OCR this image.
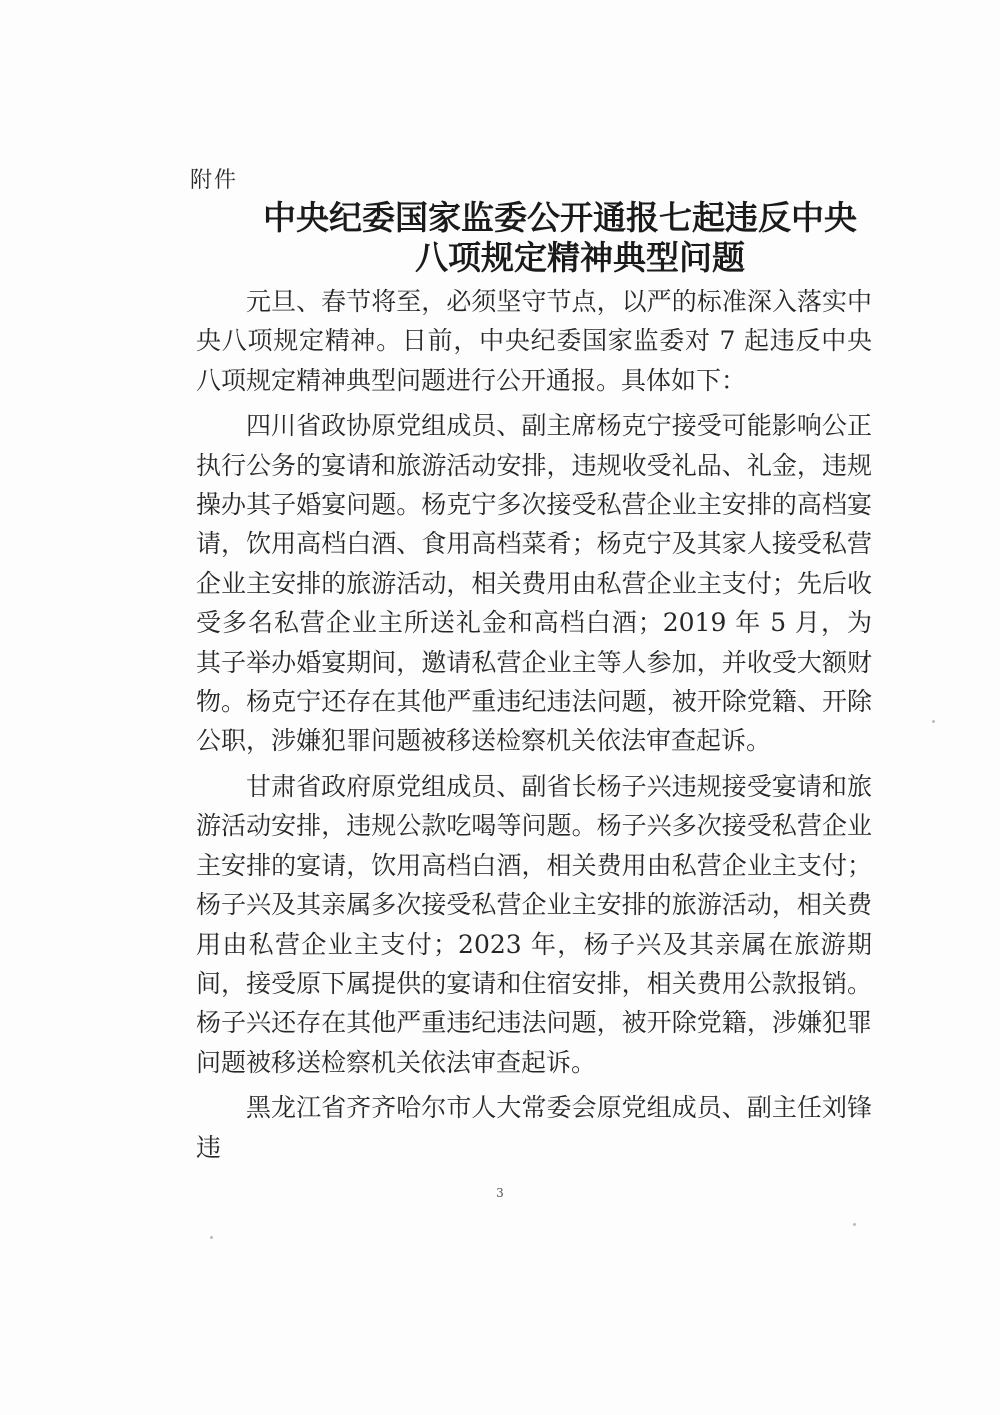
附件
中央纪委国家监委公开通报七起违反中央
八项规定精神典型问题

元旦、春节将至，必须坚守节点，以严的标准深入落实中央八项规定精神。日前，中央纪委国家监委对 7 起违反中央八项规定精神典型问题进行公开通报。具体如下：

四川省政协原党组成员、副主席杨克宁接受可能影响公正执行公务的宴请和旅游活动安排，违规收受礼品、礼金，违规操办其子婚宴问题。杨克宁多次接受私营企业主安排的高档宴请，饮用高档白酒、食用高档菜肴；杨克宁及其家人接受私营企业主安排的旅游活动，相关费用由私营企业主支付；先后收受多名私营企业主所送礼金和高档白酒；2019 年 5 月，为其子举办婚宴期间，邀请私营企业主等人参加，并收受大额财物。杨克宁还存在其他严重违纪违法问题，被开除党籍、开除公职，涉嫌犯罪问题被移送检察机关依法审查起诉。

甘肃省政府原党组成员、副省长杨子兴违规接受宴请和旅游活动安排，违规公款吃喝等问题。杨子兴多次接受私营企业主安排的宴请，饮用高档白酒，相关费用由私营企业主支付；杨子兴及其亲属多次接受私营企业主安排的旅游活动，相关费用由私营企业主支付；2023 年，杨子兴及其亲属在旅游期间，接受原下属提供的宴请和住宿安排，相关费用公款报销。杨子兴还存在其他严重违纪违法问题，被开除党籍，涉嫌犯罪问题被移送检察机关依法审查起诉。

黑龙江省齐齐哈尔市人大常委会原党组成员、副主任刘锋违

3
